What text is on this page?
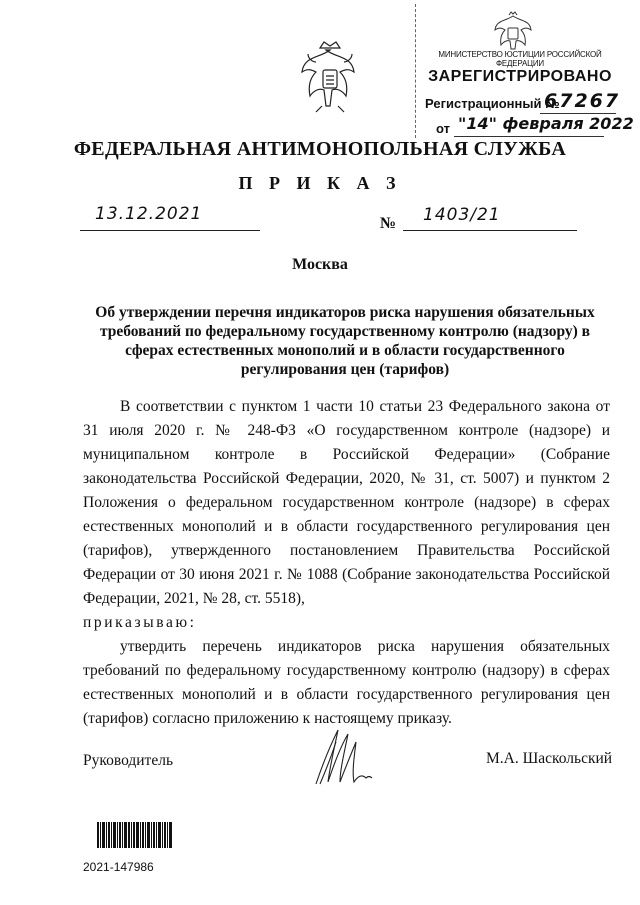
МИНИСТЕРСТВО ЮСТИЦИИ РОССИЙСКОЙ ФЕДЕРАЦИИ
ЗАРЕГИСТРИРОВАНО
Регистрационный №
67267
от "14" февраля 2022
ФЕДЕРАЛЬНАЯ АНТИМОНОПОЛЬНАЯ СЛУЖБА
П Р И К А З
13.12.2021	№ 1403/21
Москва
Об утверждении перечня индикаторов риска нарушения обязательных требований по федеральному государственному контролю (надзору) в сферах естественных монополий и в области государственного регулирования цен (тарифов)

В соответствии с пунктом 1 части 10 статьи 23 Федерального закона от 31 июля 2020 г. № 248-ФЗ «О государственном контроле (надзоре) и муниципальном контроле в Российской Федерации» (Собрание законодательства Российской Федерации, 2020, № 31, ст. 5007) и пунктом 2 Положения о федеральном государственном контроле (надзоре) в сферах естественных монополий и в области государственного регулирования цен (тарифов), утвержденного постановлением Правительства Российской Федерации от 30 июня 2021 г. № 1088 (Собрание законодательства Российской Федерации, 2021, № 28, ст. 5518),

приказываю:

утвердить перечень индикаторов риска нарушения обязательных требований по федеральному государственному контролю (надзору) в сферах естественных монополий и в области государственного регулирования цен (тарифов) согласно приложению к настоящему приказу.

Руководитель	М.А. Шаскольский
2021-147986
